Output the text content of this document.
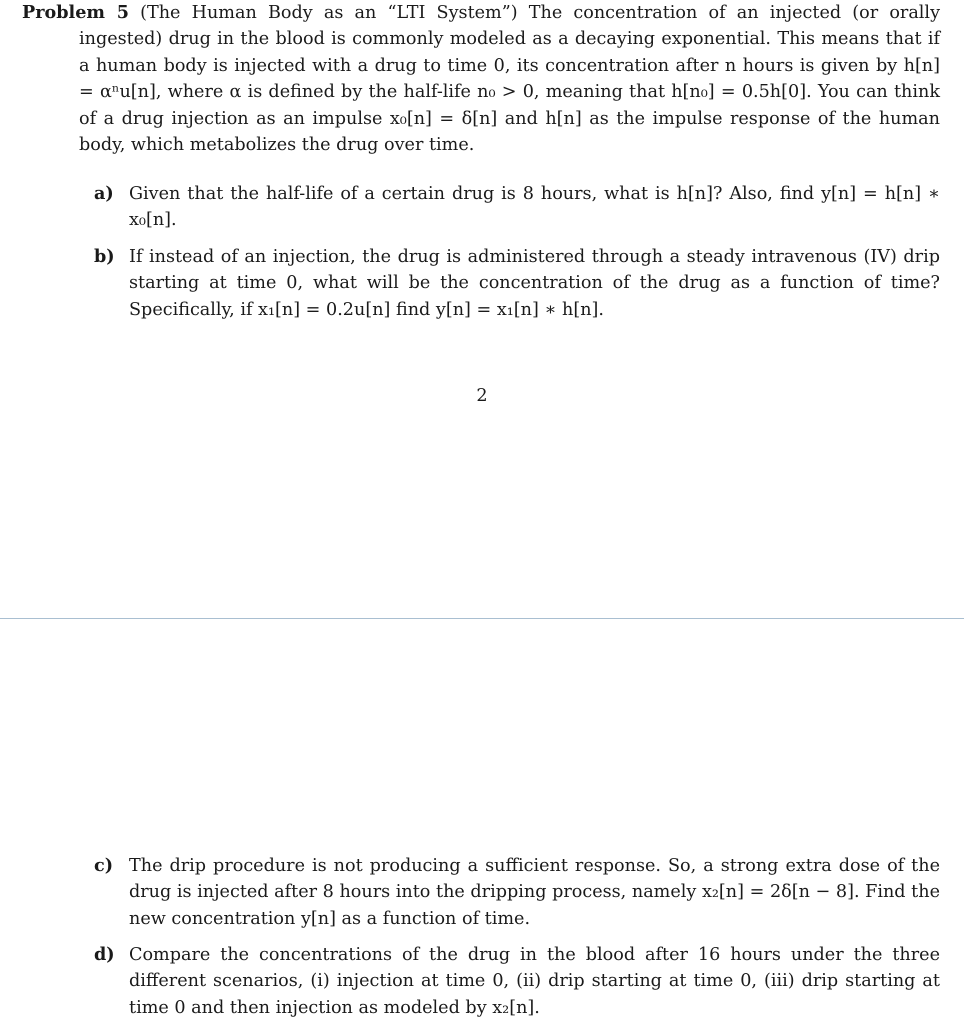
Problem 5 (The Human Body as an “LTI System”) The concentration of an injected (or orally ingested) drug in the blood is commonly modeled as a decaying exponential. This means that if a human body is injected with a drug to time 0, its concentration after n hours is given by h[n] = αⁿu[n], where α is defined by the half-life n₀ > 0, meaning that h[n₀] = 0.5h[0]. You can think of a drug injection as an impulse x₀[n] = δ[n] and h[n] as the impulse response of the human body, which metabolizes the drug over time.
a) Given that the half-life of a certain drug is 8 hours, what is h[n]? Also, find y[n] = h[n] ∗ x₀[n].
b) If instead of an injection, the drug is administered through a steady intravenous (IV) drip starting at time 0, what will be the concentration of the drug as a function of time? Specifically, if x₁[n] = 0.2u[n] find y[n] = x₁[n] ∗ h[n].
2
c) The drip procedure is not producing a sufficient response. So, a strong extra dose of the drug is injected after 8 hours into the dripping process, namely x₂[n] = 2δ[n − 8]. Find the new concentration y[n] as a function of time.
d) Compare the concentrations of the drug in the blood after 16 hours under the three different scenarios, (i) injection at time 0, (ii) drip starting at time 0, (iii) drip starting at time 0 and then injection as modeled by x₂[n].
